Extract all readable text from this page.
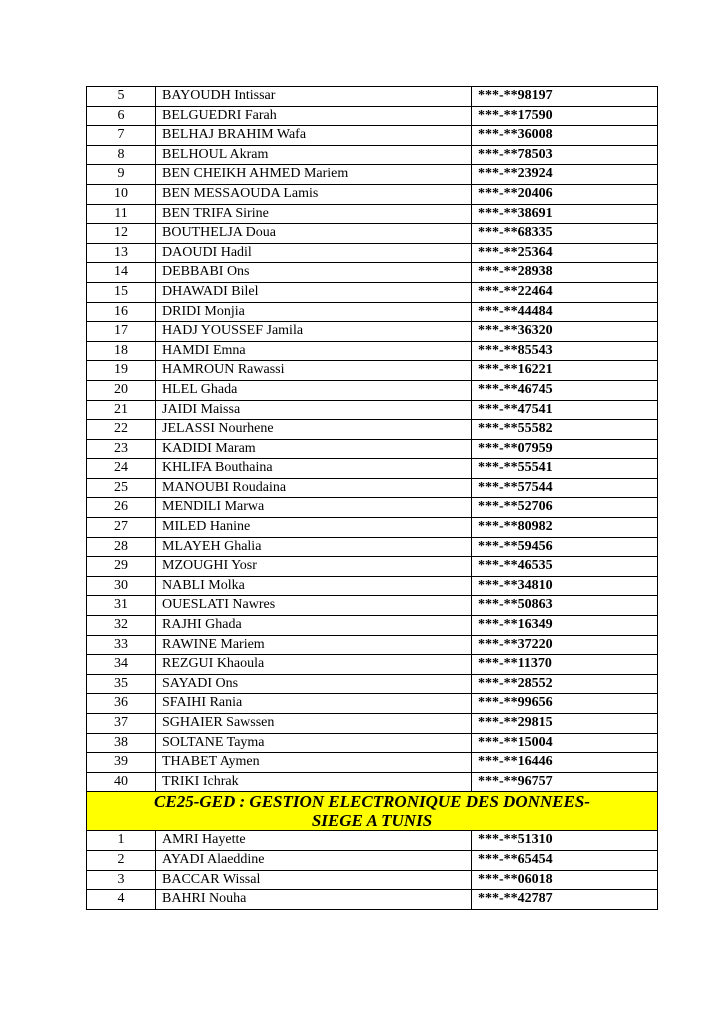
5	BAYOUDH Intissar	***-**98197
6	BELGUEDRI Farah	***-**17590
7	BELHAJ BRAHIM Wafa	***-**36008
8	BELHOUL Akram	***-**78503
9	BEN CHEIKH AHMED Mariem	***-**23924
10	BEN MESSAOUDA Lamis	***-**20406
11	BEN TRIFA Sirine	***-**38691
12	BOUTHELJA Doua	***-**68335
13	DAOUDI Hadil	***-**25364
14	DEBBABI Ons	***-**28938
15	DHAWADI Bilel	***-**22464
16	DRIDI Monjia	***-**44484
17	HADJ YOUSSEF Jamila	***-**36320
18	HAMDI Emna	***-**85543
19	HAMROUN Rawassi	***-**16221
20	HLEL Ghada	***-**46745
21	JAIDI Maissa	***-**47541
22	JELASSI Nourhene	***-**55582
23	KADIDI Maram	***-**07959
24	KHLIFA Bouthaina	***-**55541
25	MANOUBI Roudaina	***-**57544
26	MENDILI Marwa	***-**52706
27	MILED Hanine	***-**80982
28	MLAYEH Ghalia	***-**59456
29	MZOUGHI Yosr	***-**46535
30	NABLI Molka	***-**34810
31	OUESLATI Nawres	***-**50863
32	RAJHI Ghada	***-**16349
33	RAWINE Mariem	***-**37220
34	REZGUI Khaoula	***-**11370
35	SAYADI Ons	***-**28552
36	SFAIHI Rania	***-**99656
37	SGHAIER Sawssen	***-**29815
38	SOLTANE Tayma	***-**15004
39	THABET Aymen	***-**16446
40	TRIKI Ichrak	***-**96757
CE25-GED : GESTION ELECTRONIQUE DES DONNEES- SIEGE A TUNIS		
1	AMRI Hayette	***-**51310
2	AYADI Alaeddine	***-**65454
3	BACCAR Wissal	***-**06018
4	BAHRI Nouha	***-**42787
